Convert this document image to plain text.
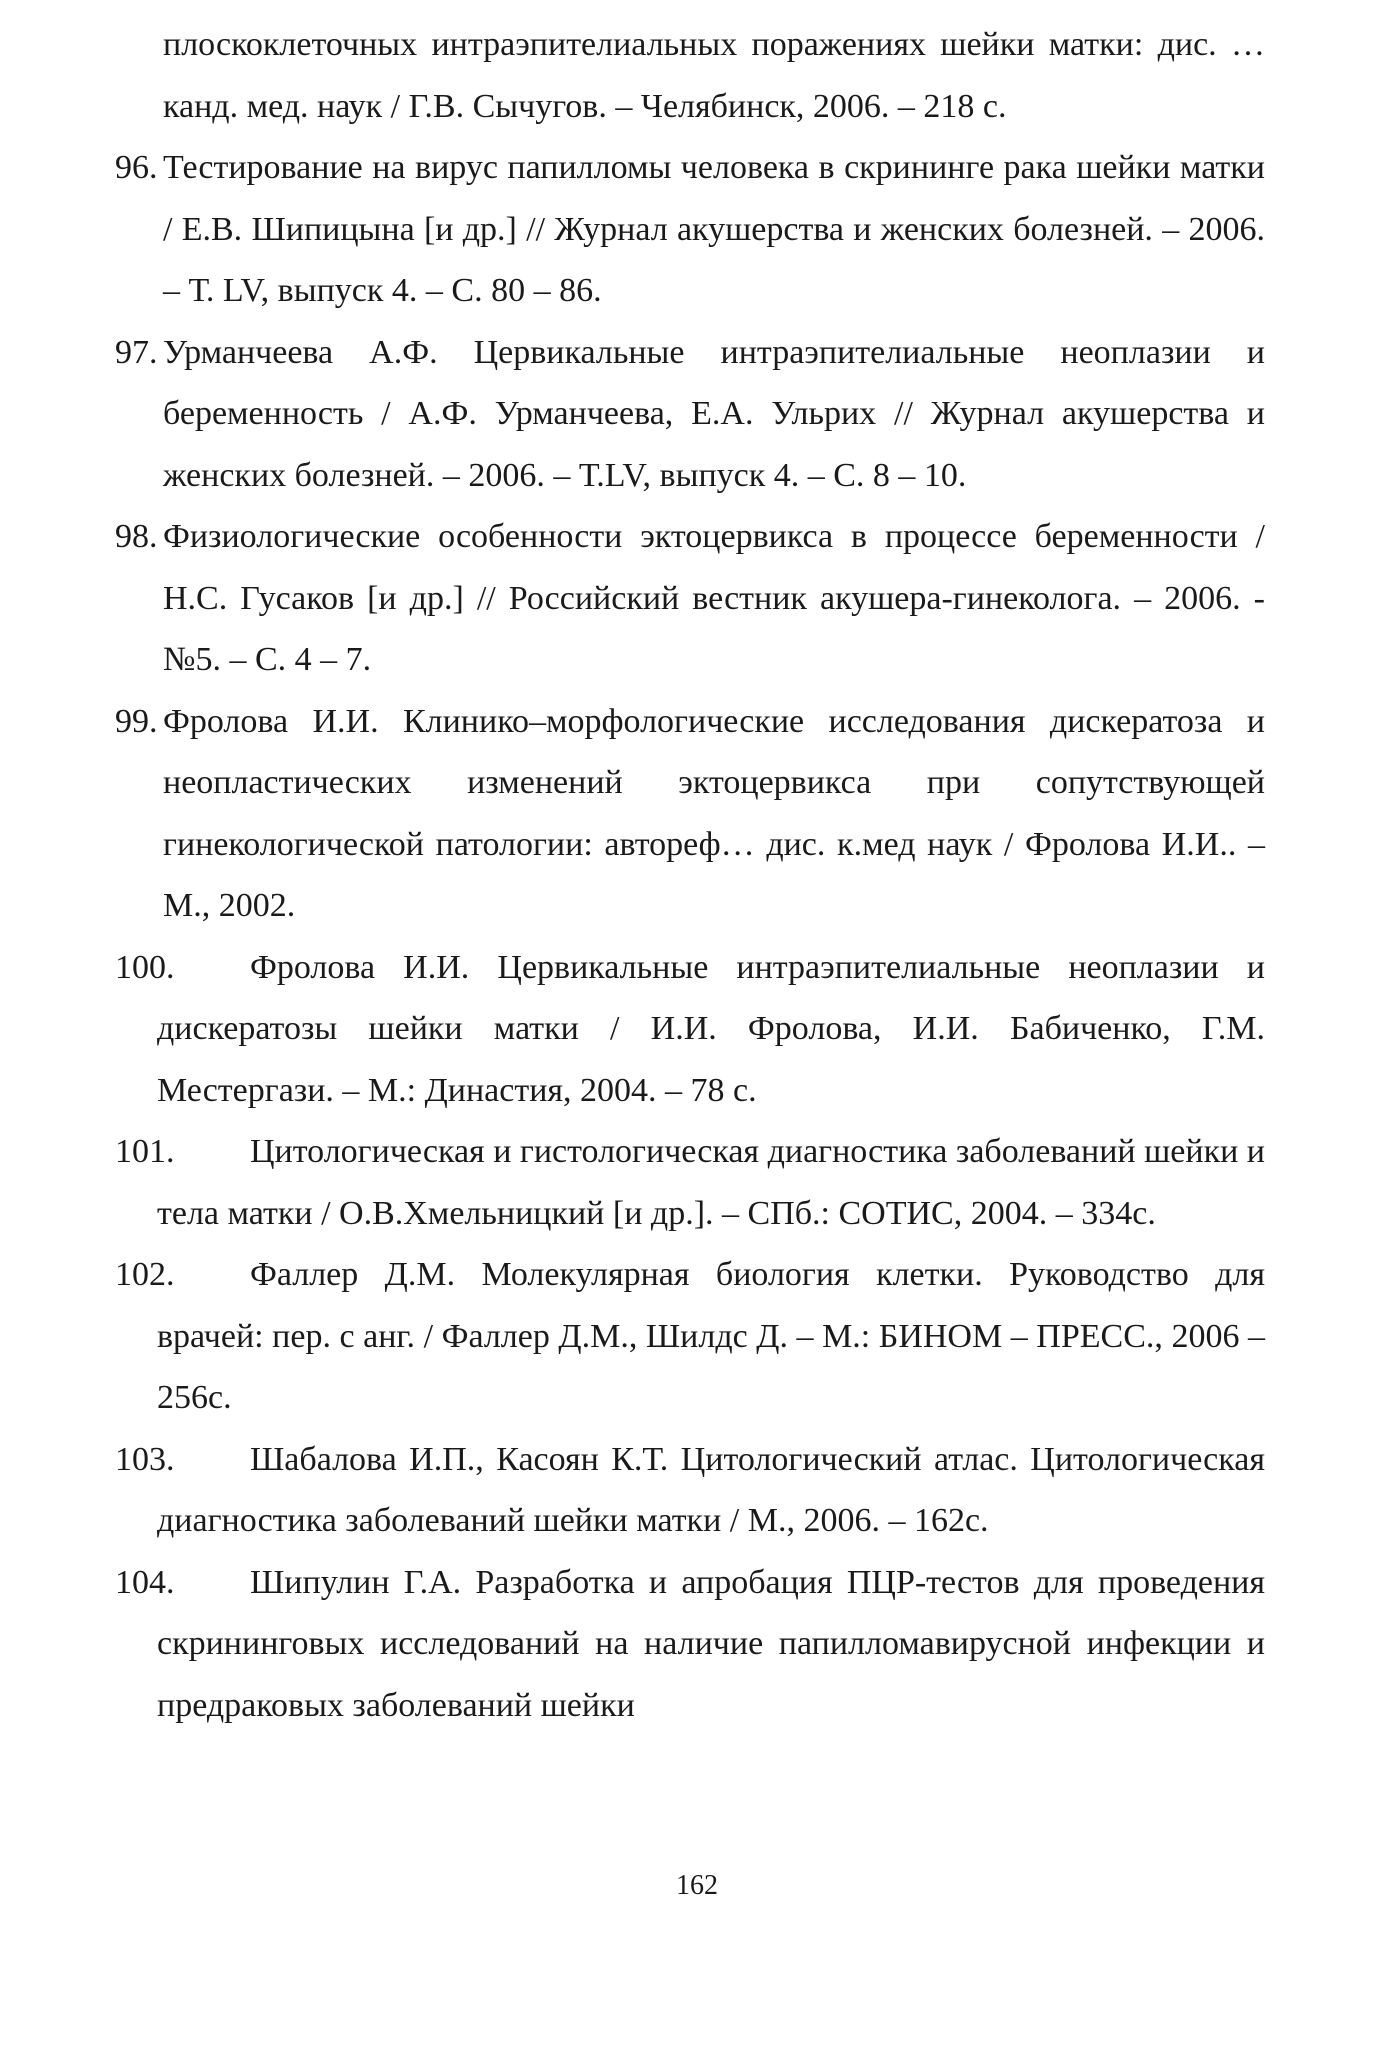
плоскоклеточных интраэпителиальных поражениях шейки матки: дис. … канд. мед. наук / Г.В. Сычугов. – Челябинск, 2006. – 218 с.
96. Тестирование на вирус папилломы человека в скрининге рака шейки матки / Е.В. Шипицына [и др.] // Журнал акушерства и женских болезней. – 2006. – Т. LV, выпуск 4. – С. 80 – 86.
97. Урманчеева А.Ф. Цервикальные интраэпителиальные неоплазии и беременность / А.Ф. Урманчеева, Е.А. Ульрих // Журнал акушерства и женских болезней. – 2006. – Т.LV, выпуск 4. – С. 8 – 10.
98. Физиологические особенности эктоцервикса в процессе беременности / Н.С. Гусаков [и др.] // Российский вестник акушера-гинеколога. – 2006. - №5. – С. 4 – 7.
99. Фролова И.И. Клинико–морфологические исследования дискератоза и неопластических изменений эктоцервикса при сопутствующей гинекологической патологии: автореф… дис. к.мед наук / Фролова И.И.. –М., 2002.
100.	Фролова И.И. Цервикальные интраэпителиальные неоплазии и дискератозы шейки матки / И.И. Фролова, И.И. Бабиченко, Г.М. Местергази. – М.: Династия, 2004. – 78 с.
101.	Цитологическая и гистологическая диагностика заболеваний шейки и тела матки / О.В.Хмельницкий [и др.]. – СПб.: СОТИС, 2004. – 334с.
102.	Фаллер Д.М. Молекулярная биология клетки. Руководство для врачей: пер. с анг. / Фаллер Д.М., Шилдс Д. – М.: БИНОМ – ПРЕСС., 2006 – 256с.
103.	Шабалова И.П., Касоян К.Т. Цитологический атлас. Цитологическая диагностика заболеваний шейки матки / М., 2006. – 162с.
104.	Шипулин Г.А. Разработка и апробация ПЦР-тестов для проведения скрининговых исследований на наличие папилломавирусной инфекции и предраковых заболеваний шейки
162
